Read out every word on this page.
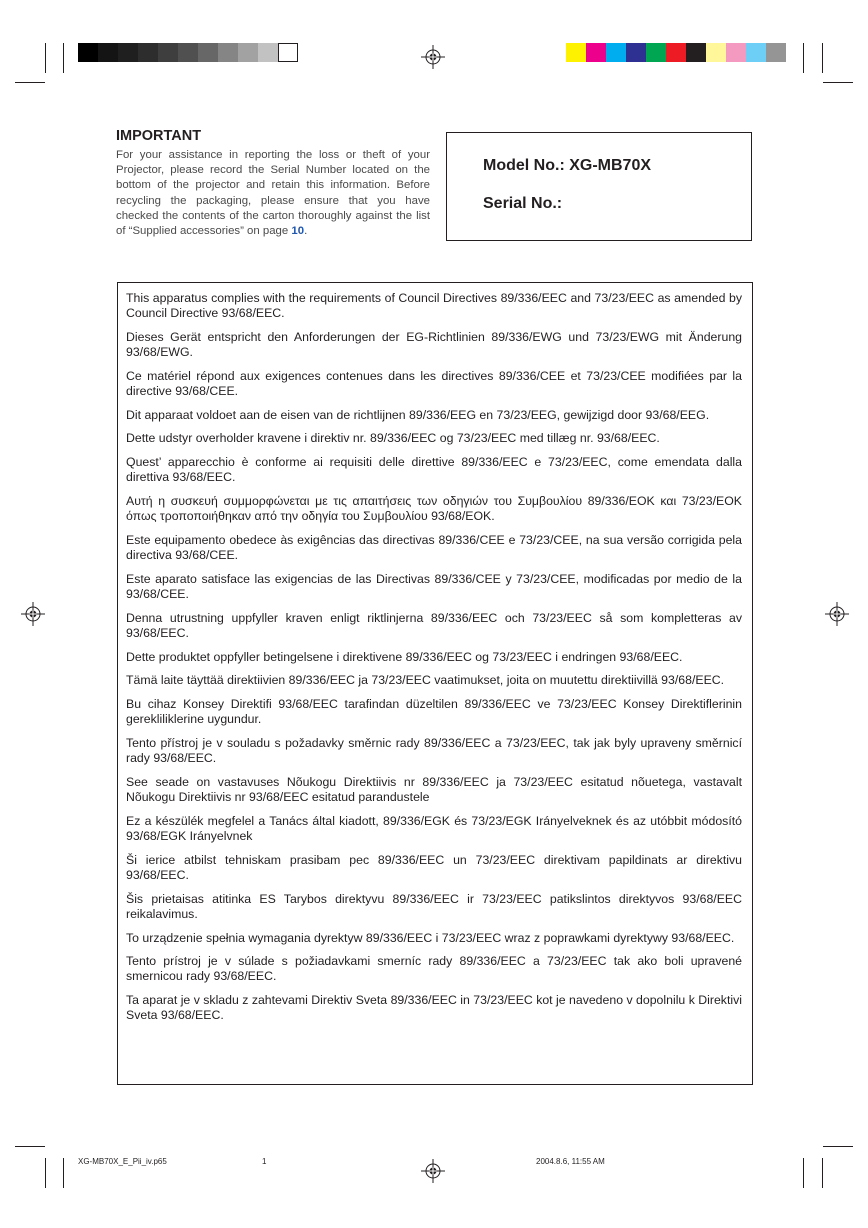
IMPORTANT
For your assistance in reporting the loss or theft of your Projector, please record the Serial Number located on the bottom of the projector and retain this information. Before recycling the packaging, please ensure that you have checked the contents of the carton thoroughly against the list of “Supplied accessories” on page 10.
Model No.: XG-MB70X
Serial No.:

This apparatus complies with the requirements of Council Directives 89/336/EEC and 73/23/EEC as amended by Council Directive 93/68/EEC.

Dieses Gerät entspricht den Anforderungen der EG-Richtlinien 89/336/EWG und 73/23/EWG mit Änderung 93/68/EWG.

Ce matériel répond aux exigences contenues dans les directives 89/336/CEE et 73/23/CEE modifiées par la directive 93/68/CEE.

Dit apparaat voldoet aan de eisen van de richtlijnen 89/336/EEG en 73/23/EEG, gewijzigd door 93/68/EEG.

Dette udstyr overholder kravene i direktiv nr. 89/336/EEC og 73/23/EEC med tillæg nr. 93/68/EEC.

Quest’ apparecchio è conforme ai requisiti delle direttive 89/336/EEC e 73/23/EEC, come emendata dalla direttiva 93/68/EEC.

Αυτή η συσκευή συμμορφώνεται με τις απαιτήσεις των οδηγιών του Συμβουλίου 89/336/ΕΟΚ και 73/23/ΕΟΚ όπως τροποποιήθηκαν από την οδηγία του Συμβουλίου 93/68/ΕΟΚ.

Este equipamento obedece às exigências das directivas 89/336/CEE e 73/23/CEE, na sua versão corrigida pela directiva 93/68/CEE.

Este aparato satisface las exigencias de las Directivas 89/336/CEE y 73/23/CEE, modificadas por medio de la 93/68/CEE.

Denna utrustning uppfyller kraven enligt riktlinjerna 89/336/EEC och 73/23/EEC så som kompletteras av 93/68/EEC.

Dette produktet oppfyller betingelsene i direktivene 89/336/EEC og 73/23/EEC i endringen 93/68/EEC.

Tämä laite täyttää direktiivien 89/336/EEC ja 73/23/EEC vaatimukset, joita on muutettu direktiivillä 93/68/EEC.

Bu cihaz Konsey Direktifi 93/68/EEC tarafindan düzeltilen 89/336/EEC ve 73/23/EEC Konsey Direktiflerinin gerekliliklerine uygundur.

Tento přístroj je v souladu s požadavky směrnic rady 89/336/EEC a 73/23/EEC, tak jak byly upraveny směrnicí rady 93/68/EEC.

See seade on vastavuses Nõukogu Direktiivis nr 89/336/EEC ja 73/23/EEC esitatud nõuetega, vastavalt Nõukogu Direktiivis nr 93/68/EEC esitatud parandustele

Ez a készülék megfelel a Tanács által kiadott, 89/336/EGK és 73/23/EGK Irányelveknek és az utóbbit módosító 93/68/EGK Irányelvnek

Ši ierice atbilst tehniskam prasibam pec 89/336/EEC un 73/23/EEC direktivam papildinats ar direktivu 93/68/EEC.

Šis prietaisas atitinka ES Tarybos direktyvu 89/336/EEC ir 73/23/EEC patikslintos direktyvos 93/68/EEC reikalavimus.

To urządzenie spełnia wymagania dyrektyw 89/336/EEC i 73/23/EEC wraz z poprawkami dyrektywy 93/68/EEC.

Tento prístroj je v súlade s požiadavkami smerníc rady 89/336/EEC a 73/23/EEC tak ako boli upravené smernicou rady 93/68/EEC.

Ta aparat je v skladu z zahtevami Direktiv Sveta 89/336/EEC in 73/23/EEC kot je navedeno v dopolnilu k Direktivi Sveta 93/68/EEC.

XG-MB70X_E_Pii_iv.p65	1	2004.8.6, 11:55 AM
